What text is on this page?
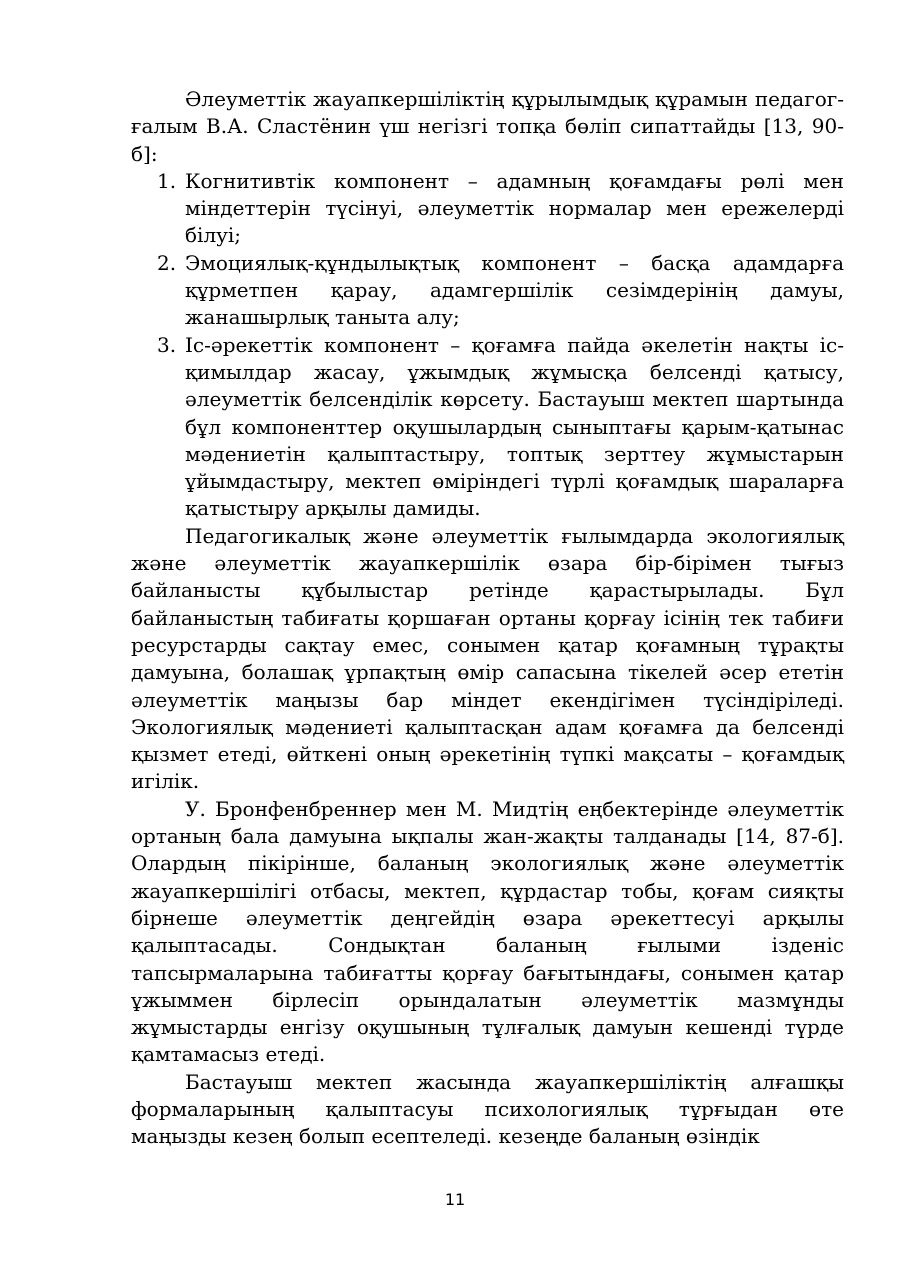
Әлеуметтік жауапкершіліктің құрылымдық құрамын педагог-ғалым В.А. Сластёнин үш негізгі топқа бөліп сипаттайды [13, 90-б]:

1. Когнитивтік компонент – адамның қоғамдағы рөлі мен міндеттерін түсінуі, әлеуметтік нормалар мен ережелерді білуі;
2. Эмоциялық-құндылықтық компонент – басқа адамдарға құрметпен қарау, адамгершілік сезімдерінің дамуы, жанашырлық таныта алу;
3. Іс-әрекеттік компонент – қоғамға пайда әкелетін нақты іс-қимылдар жасау, ұжымдық жұмысқа белсенді қатысу, әлеуметтік белсенділік көрсету. Бастауыш мектеп шартында бұл компоненттер оқушылардың сыныптағы қарым-қатынас мәдениетін қалыптастыру, топтық зерттеу жұмыстарын ұйымдастыру, мектеп өміріндегі түрлі қоғамдық шараларға қатыстыру арқылы дамиды.

Педагогикалық және әлеуметтік ғылымдарда экологиялық және әлеуметтік жауапкершілік өзара бір-бірімен тығыз байланысты құбылыстар ретінде қарастырылады. Бұл байланыстың табиғаты қоршаған ортаны қорғау ісінің тек табиғи ресурстарды сақтау емес, сонымен қатар қоғамның тұрақты дамуына, болашақ ұрпақтың өмір сапасына тікелей әсер ететін әлеуметтік маңызы бар міндет екендігімен түсіндіріледі. Экологиялық мәдениеті қалыптасқан адам қоғамға да белсенді қызмет етеді, өйткені оның әрекетінің түпкі мақсаты – қоғамдық игілік.

У. Бронфенбреннер мен М. Мидтің еңбектерінде әлеуметтік ортаның бала дамуына ықпалы жан-жақты талданады [14, 87-б]. Олардың пікірінше, баланың экологиялық және әлеуметтік жауапкершілігі отбасы, мектеп, құрдастар тобы, қоғам сияқты бірнеше әлеуметтік деңгейдің өзара әрекеттесуі арқылы қалыптасады. Сондықтан баланың ғылыми ізденіс тапсырмаларына табиғатты қорғау бағытындағы, сонымен қатар ұжыммен бірлесіп орындалатын әлеуметтік мазмұнды жұмыстарды енгізу оқушының тұлғалық дамуын кешенді түрде қамтамасыз етеді.

Бастауыш мектеп жасында жауапкершіліктің алғашқы формаларының қалыптасуы психологиялық тұрғыдан өте маңызды кезең болып есептеледі. кезеңде баланың өзіндік

11
